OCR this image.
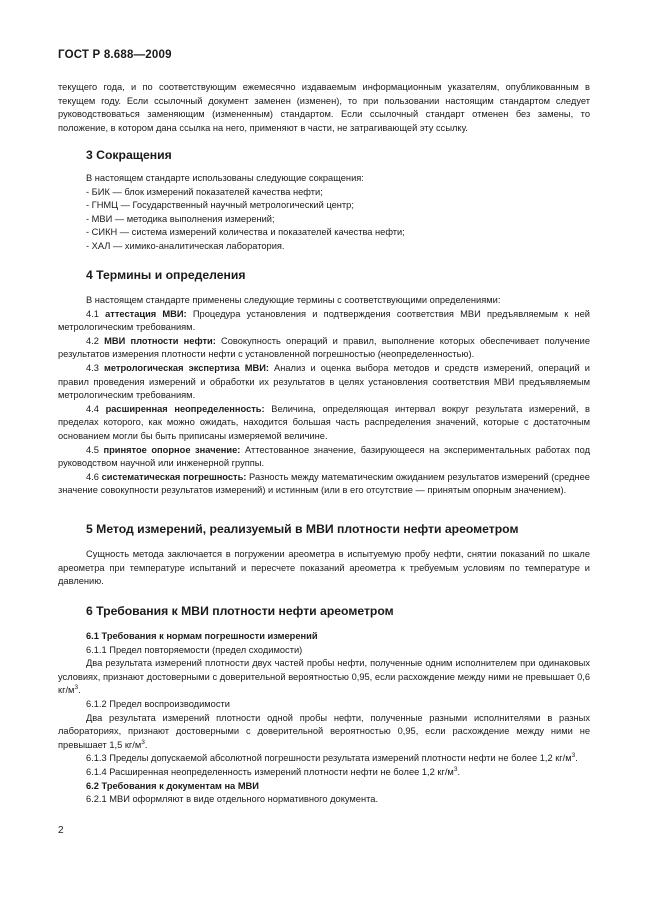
ГОСТ Р 8.688—2009

текущего года, и по соответствующим ежемесячно издаваемым информационным указателям, опубликованным в текущем году. Если ссылочный документ заменен (изменен), то при пользовании настоящим стандартом следует руководствоваться заменяющим (измененным) стандартом. Если ссылочный стандарт отменен без замены, то положение, в котором дана ссылка на него, применяют в части, не затрагивающей эту ссылку.

3 Сокращения

В настоящем стандарте использованы следующие сокращения:

- БИК — блок измерений показателей качества нефти;
- ГНМЦ — Государственный научный метрологический центр;
- МВИ — методика выполнения измерений;
- СИКН — система измерений количества и показателей качества нефти;
- ХАЛ — химико-аналитическая лаборатория.
4 Термины и определения

В настоящем стандарте применены следующие термины с соответствующими определениями:

4.1 аттестация МВИ: Процедура установления и подтверждения соответствия МВИ предъявляемым к ней метрологическим требованиям.

4.2 МВИ плотности нефти: Совокупность операций и правил, выполнение которых обеспечивает получение результатов измерения плотности нефти с установленной погрешностью (неопределенностью).

4.3 метрологическая экспертиза МВИ: Анализ и оценка выбора методов и средств измерений, операций и правил проведения измерений и обработки их результатов в целях установления соответствия МВИ предъявляемым метрологическим требованиям.

4.4 расширенная неопределенность: Величина, определяющая интервал вокруг результата измерений, в пределах которого, как можно ожидать, находится большая часть распределения значений, которые с достаточным основанием могли бы быть приписаны измеряемой величине.

4.5 принятое опорное значение: Аттестованное значение, базирующееся на экспериментальных работах под руководством научной или инженерной группы.

4.6 систематическая погрешность: Разность между математическим ожиданием результатов измерений (среднее значение совокупности результатов измерений) и истинным (или в его отсутствие — принятым опорным значением).

5 Метод измерений, реализуемый в МВИ плотности нефти ареометром

Сущность метода заключается в погружении ареометра в испытуемую пробу нефти, снятии показаний по шкале ареометра при температуре испытаний и пересчете показаний ареометра к требуемым условиям по температуре и давлению.

6 Требования к МВИ плотности нефти ареометром

6.1 Требования к нормам погрешности измерений

6.1.1 Предел повторяемости (предел сходимости)

Два результата измерений плотности двух частей пробы нефти, полученные одним исполнителем при одинаковых условиях, признают достоверными с доверительной вероятностью 0,95, если расхождение между ними не превышает 0,6 $кг/м^3$.

6.1.2 Предел воспроизводимости

Два результата измерений плотности одной пробы нефти, полученные разными исполнителями в разных лабораториях, признают достоверными с доверительной вероятностью 0,95, если расхождение между ними не превышает 1,5 $кг/м^3$.

6.1.3 Пределы допускаемой абсолютной погрешности результата измерений плотности нефти не более 1,2 $кг/м^3$.

6.1.4 Расширенная неопределенность измерений плотности нефти не более 1,2 $кг/м^3$.

6.2 Требования к документам на МВИ

6.2.1 МВИ оформляют в виде отдельного нормативного документа.

2
